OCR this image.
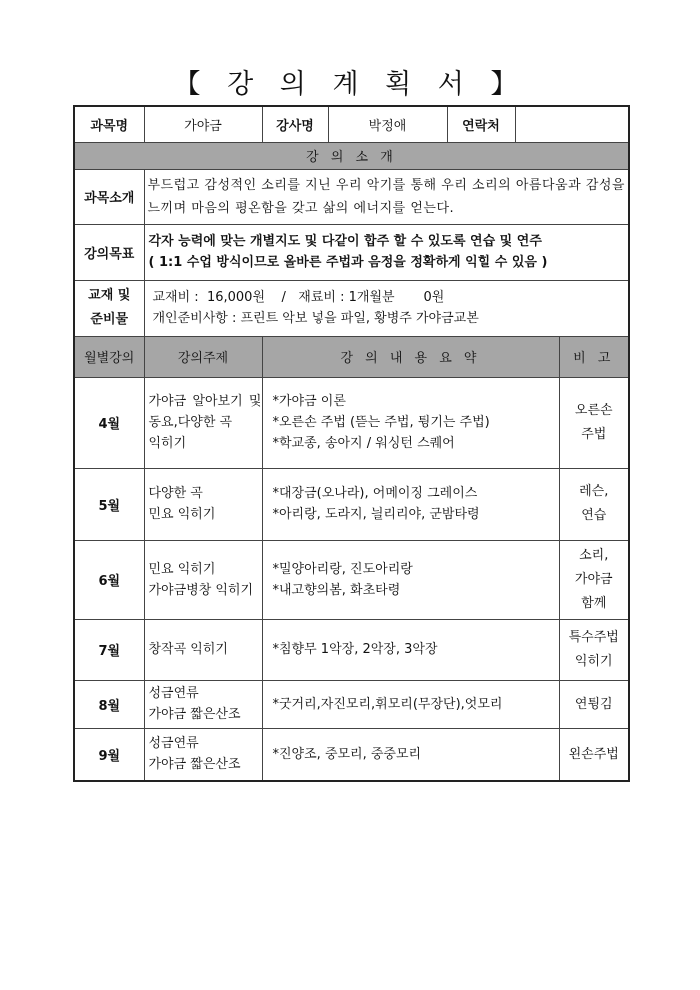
【 강 의 계 획 서 】
과목명	가야금	강사명	박정애	연락처		
강 의 소 개						
과목소개	부드럽고 감성적인 소리를 지닌 우리 악기를 통해 우리 소리의 아름다움과 감성을 느끼며 마음의 평온함을 갖고 삶의 에너지를 얻는다.					
강의목표	각자 능력에 맞는 개별지도 및 다같이 합주 할 수 있도록 연습 및 연주
( 1:1 수업 방식이므로 올바른 주법과 음정을 정확하게 익힐 수 있음 )					

교재 및
준비물	교재비 :  16,000원    /   재료비 : 1개월분       0원
개인준비사항 : 프린트 악보 넣을 파일, 황병주 가야금교본					

월별강의	강의주제	강 의 내 용 요 약				비 고
4월	가야금 알아보기 및
동요,다양한 곡
익히기	*가야금 이론
*오른손 주법 (뜯는 주법, 튕기는 주법)
*학교종, 송아지 / 워싱턴 스퀘어				오른손
주법

5월	다양한 곡
민요 익히기	*대장금(오나라), 어메이징 그레이스
*아리랑, 도라지, 늴리리야, 군밤타령				레슨,
연습

6월	민요 익히기
가야금병창 익히기	*밀양아리랑, 진도아리랑
*내고향의봄, 화초타령				소리,
가야금
함께

7월	창작곡 익히기	*침향무 1악장, 2악장, 3악장				특수주법
익히기

8월	성금연류
가야금 짧은산조	*굿거리,자진모리,휘모리(무장단),엇모리				연튕김

9월	성금연류
가야금 짧은산조	*진양조, 중모리, 중중모리				왼손주법
